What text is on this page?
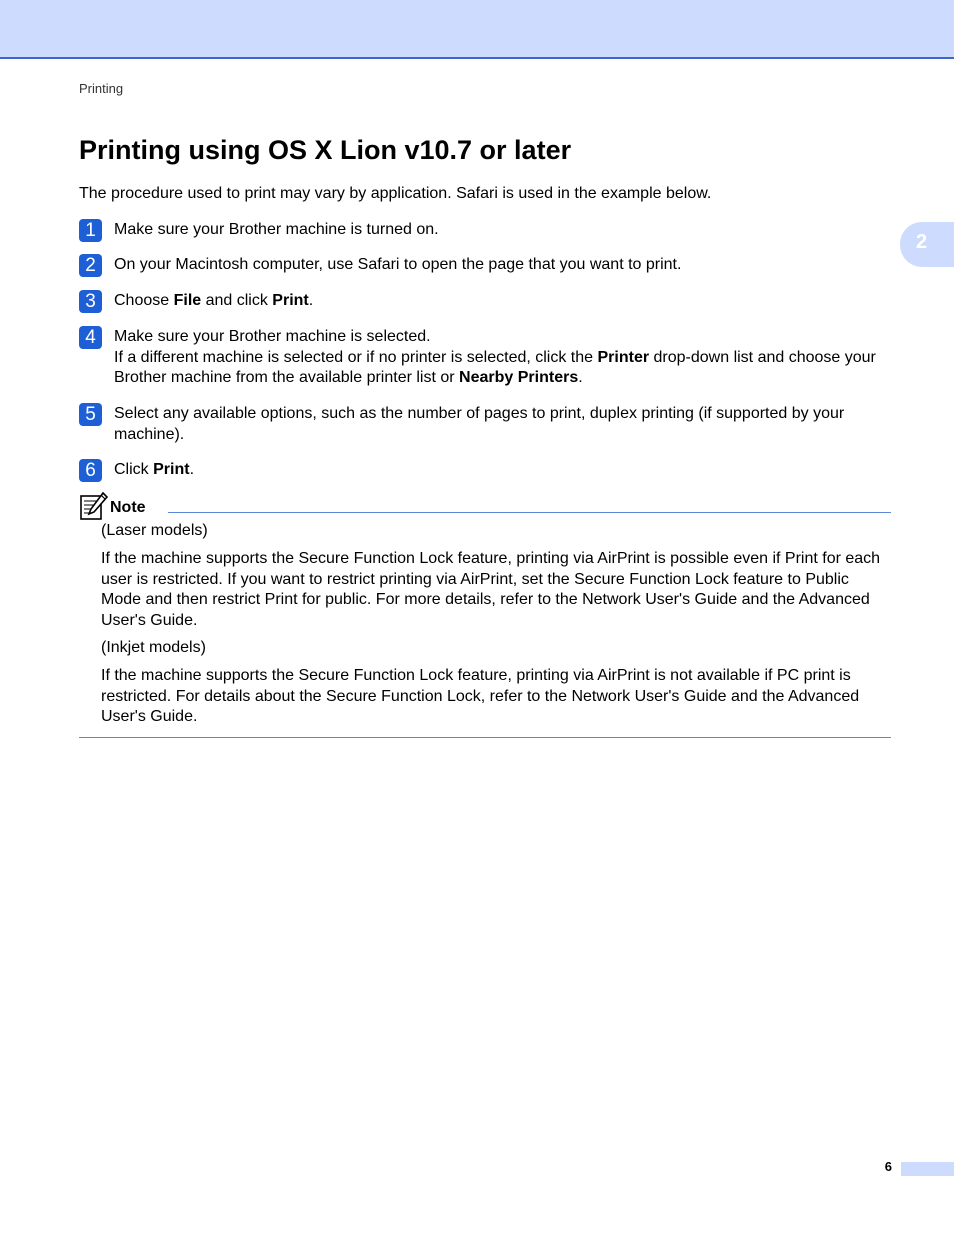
Printing
2
Printing using OS X Lion v10.7 or later

The procedure used to print may vary by application. Safari is used in the example below.

1	Make sure your Brother machine is turned on.
2	On your Macintosh computer, use Safari to open the page that you want to print.
3	Choose File and click Print.
4	Make sure your Brother machine is selected.
If a different machine is selected or if no printer is selected, click the Printer drop-down list and choose your Brother machine from the available printer list or Nearby Printers.
5	Select any available options, such as the number of pages to print, duplex printing (if supported by your machine).
6	Click Print.
Note

(Laser models)

If the machine supports the Secure Function Lock feature, printing via AirPrint is possible even if Print for each user is restricted. If you want to restrict printing via AirPrint, set the Secure Function Lock feature to Public Mode and then restrict Print for public. For more details, refer to the Network User's Guide and the Advanced User's Guide.

(Inkjet models)

If the machine supports the Secure Function Lock feature, printing via AirPrint is not available if PC print is restricted. For details about the Secure Function Lock, refer to the Network User's Guide and the Advanced User's Guide.

6
